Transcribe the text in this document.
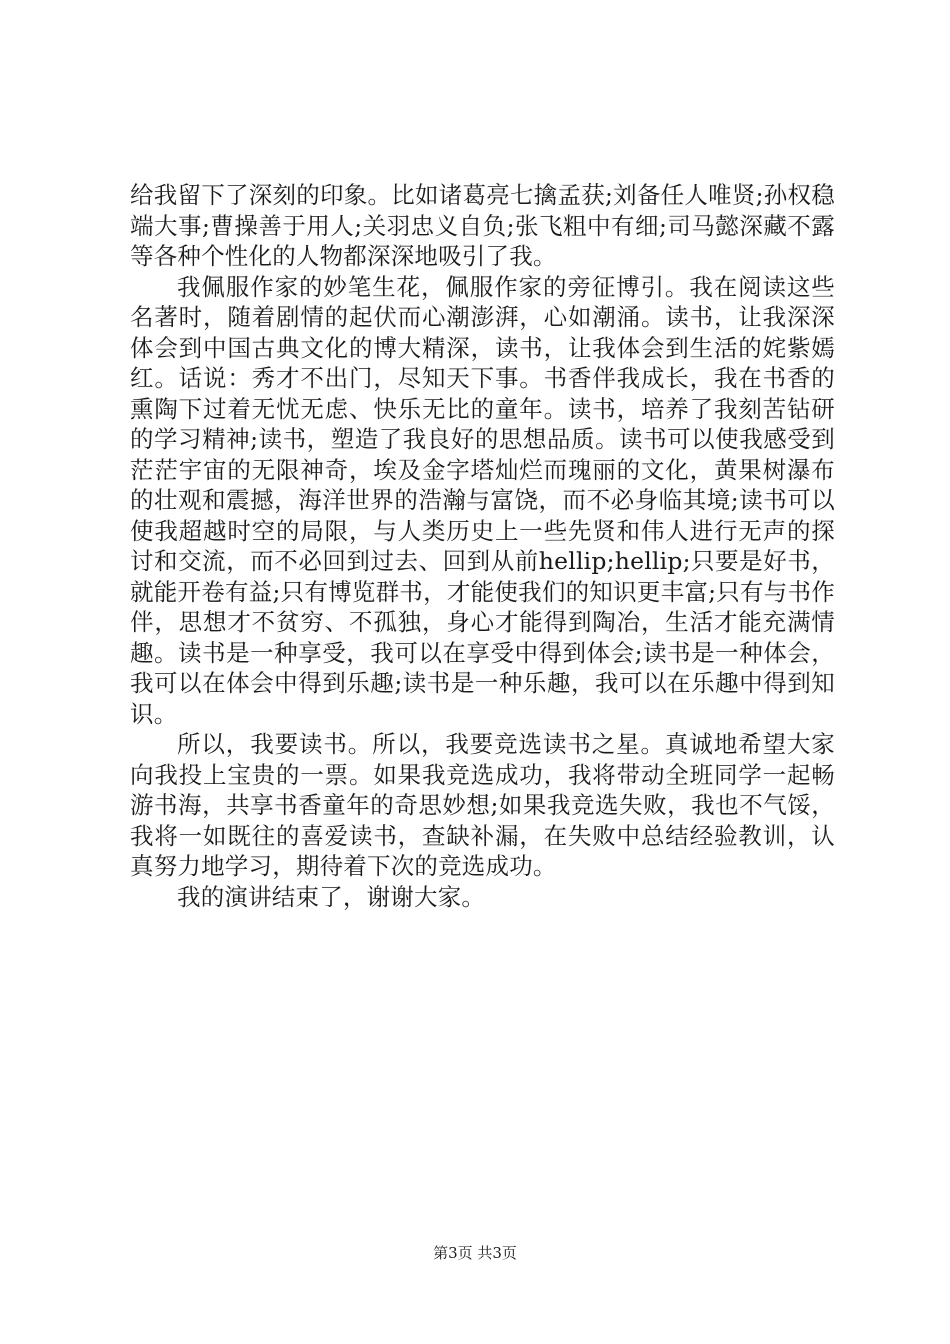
给我留下了深刻的印象。比如诸葛亮七擒孟获;刘备任人唯贤;孙权稳端大事;曹操善于用人;关羽忠义自负;张飞粗中有细;司马懿深藏不露等各种个性化的人物都深深地吸引了我。

我佩服作家的妙笔生花，佩服作家的旁征博引。我在阅读这些名著时，随着剧情的起伏而心潮澎湃，心如潮涌。读书，让我深深体会到中国古典文化的博大精深，读书，让我体会到生活的姹紫嫣红。话说：秀才不出门，尽知天下事。书香伴我成长，我在书香的熏陶下过着无忧无虑、快乐无比的童年。读书，培养了我刻苦钻研的学习精神;读书，塑造了我良好的思想品质。读书可以使我感受到茫茫宇宙的无限神奇，埃及金字塔灿烂而瑰丽的文化，黄果树瀑布的壮观和震撼，海洋世界的浩瀚与富饶，而不必身临其境;读书可以使我超越时空的局限，与人类历史上一些先贤和伟人进行无声的探讨和交流，而不必回到过去、回到从前hellip;hellip;只要是好书，就能开卷有益;只有博览群书，才能使我们的知识更丰富;只有与书作伴，思想才不贫穷、不孤独，身心才能得到陶冶，生活才能充满情趣。读书是一种享受，我可以在享受中得到体会;读书是一种体会，我可以在体会中得到乐趣;读书是一种乐趣，我可以在乐趣中得到知识。

所以，我要读书。所以，我要竞选读书之星。真诚地希望大家向我投上宝贵的一票。如果我竞选成功，我将带动全班同学一起畅游书海，共享书香童年的奇思妙想;如果我竞选失败，我也不气馁，我将一如既往的喜爱读书，查缺补漏，在失败中总结经验教训，认真努力地学习，期待着下次的竞选成功。

我的演讲结束了，谢谢大家。

第3页 共3页
